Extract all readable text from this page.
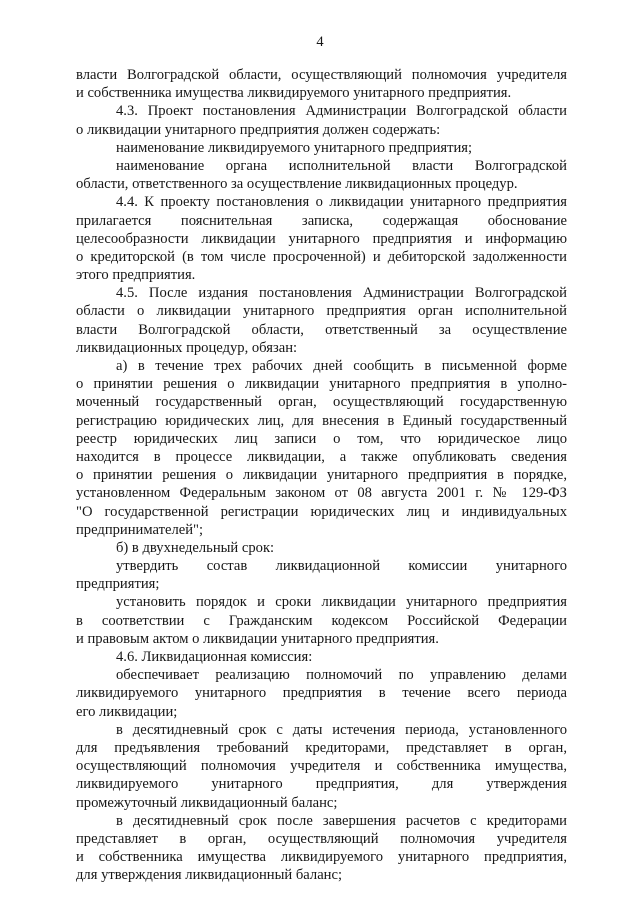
4
власти Волгоградской области, осуществляющий полномочия учредителя
и собственника имущества ликвидируемого унитарного предприятия.
4.3. Проект постановления Администрации Волгоградской области
о ликвидации унитарного предприятия должен содержать:
наименование ликвидируемого унитарного предприятия;
наименование органа исполнительной власти Волгоградской
области, ответственного за осуществление ликвидационных процедур.
4.4. К проекту постановления о ликвидации унитарного предприятия
прилагается пояснительная записка, содержащая обоснование
целесообразности ликвидации унитарного предприятия и информацию
о кредиторской (в том числе просроченной) и дебиторской задолженности
этого предприятия.
4.5. После издания постановления Администрации Волгоградской
области о ликвидации унитарного предприятия орган исполнительной
власти Волгоградской области, ответственный за осуществление
ликвидационных процедур, обязан:
а) в течение трех рабочих дней сообщить в письменной форме
о принятии решения о ликвидации унитарного предприятия в уполно-
моченный государственный орган, осуществляющий государственную
регистрацию юридических лиц, для внесения в Единый государственный
реестр юридических лиц записи о том, что юридическое лицо
находится в процессе ликвидации, а также опубликовать сведения
о принятии решения о ликвидации унитарного предприятия в порядке,
установленном Федеральным законом от 08 августа 2001 г. № 129-ФЗ
"О государственной регистрации юридических лиц и индивидуальных
предпринимателей";
б) в двухнедельный срок:
утвердить состав ликвидационной комиссии унитарного
предприятия;
установить порядок и сроки ликвидации унитарного предприятия
в соответствии с Гражданским кодексом Российской Федерации
и правовым актом о ликвидации унитарного предприятия.
4.6. Ликвидационная комиссия:
обеспечивает реализацию полномочий по управлению делами
ликвидируемого унитарного предприятия в течение всего периода
его ликвидации;
в десятидневный срок с даты истечения периода, установленного
для предъявления требований кредиторами, представляет в орган,
осуществляющий полномочия учредителя и собственника имущества,
ликвидируемого унитарного предприятия, для утверждения
промежуточный ликвидационный баланс;
в десятидневный срок после завершения расчетов с кредиторами
представляет в орган, осуществляющий полномочия учредителя
и собственника имущества ликвидируемого унитарного предприятия,
для утверждения ликвидационный баланс;
